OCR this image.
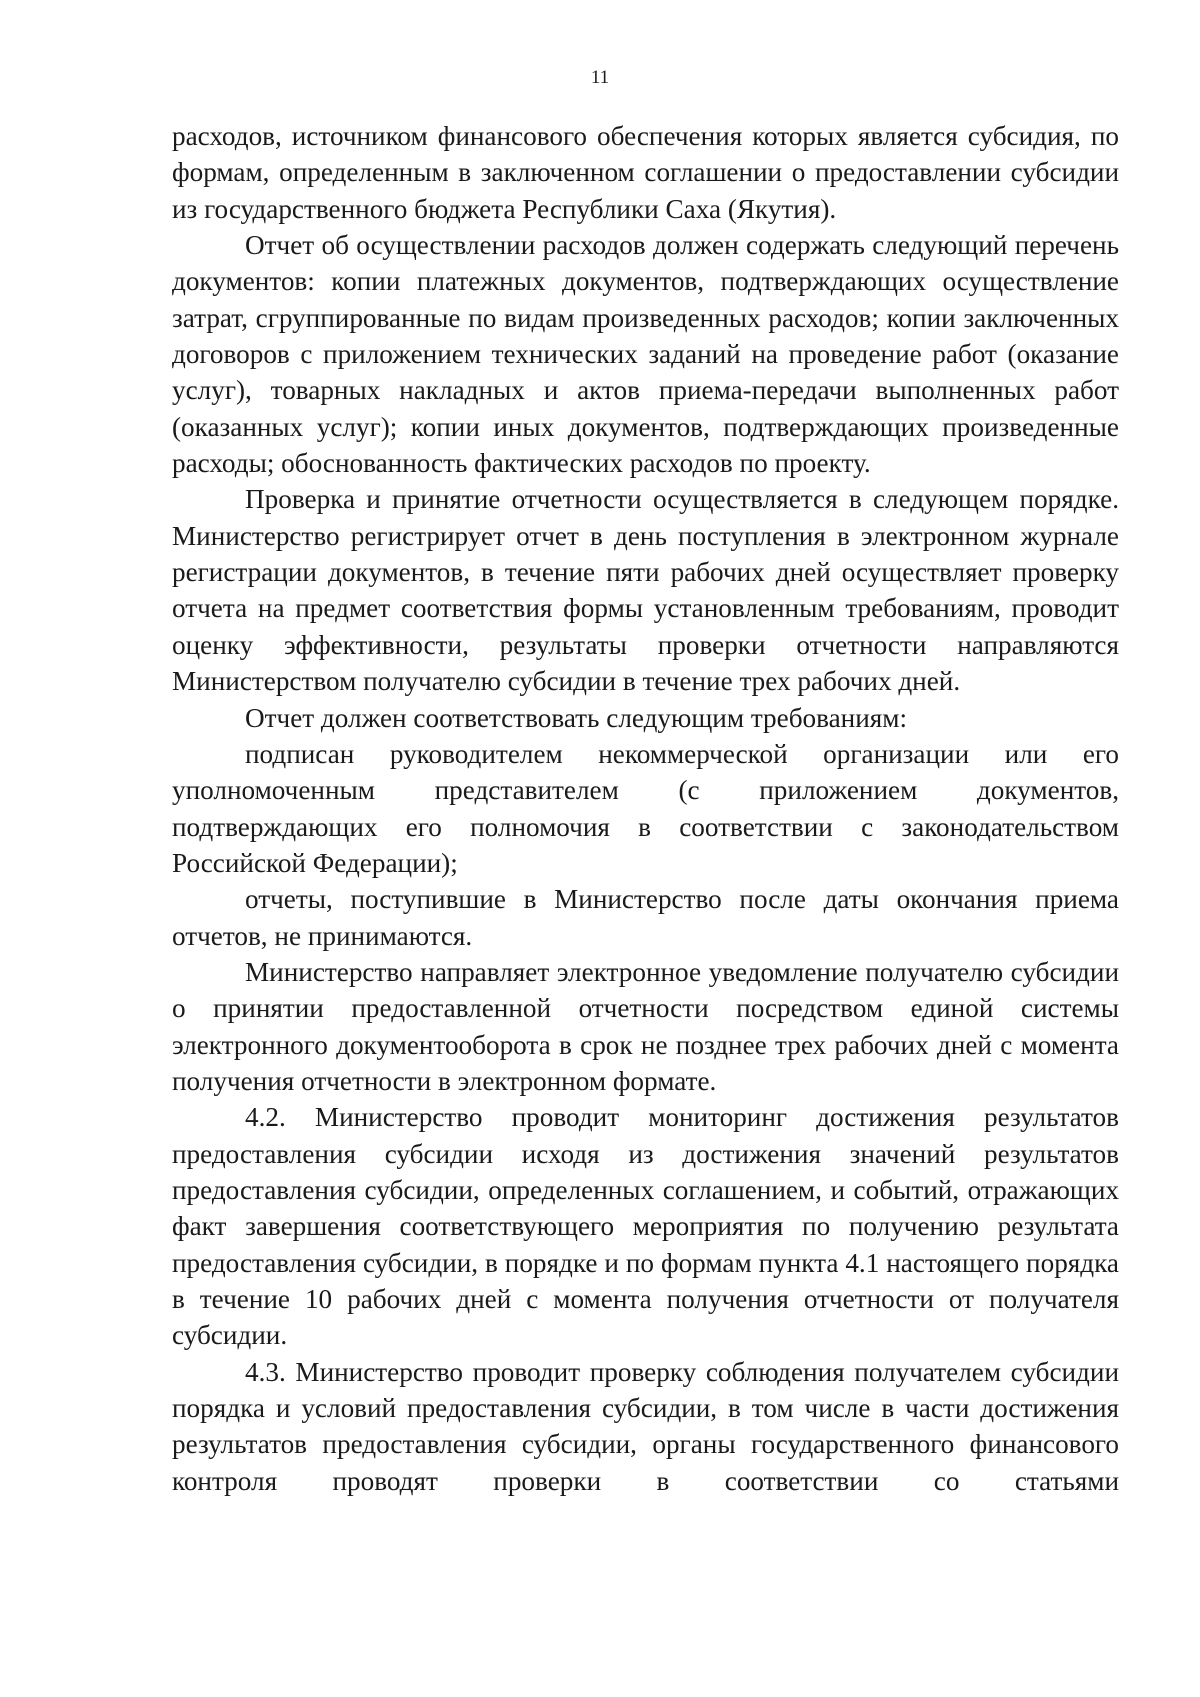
11

расходов, источником финансового обеспечения которых является субсидия, по формам, определенным в заключенном соглашении о предоставлении субсидии из государственного бюджета Республики Саха (Якутия).

Отчет об осуществлении расходов должен содержать следующий перечень документов: копии платежных документов, подтверждающих осуществление затрат, сгруппированные по видам произведенных расходов; копии заключенных договоров с приложением технических заданий на проведение работ (оказание услуг), товарных накладных и актов приема-передачи выполненных работ (оказанных услуг); копии иных документов, подтверждающих произведенные расходы; обоснованность фактических расходов по проекту.

Проверка и принятие отчетности осуществляется в следующем порядке. Министерство регистрирует отчет в день поступления в электронном журнале регистрации документов, в течение пяти рабочих дней осуществляет проверку отчета на предмет соответствия формы установленным требованиям, проводит оценку эффективности, результаты проверки отчетности направляются Министерством получателю субсидии в течение трех рабочих дней.

Отчет должен соответствовать следующим требованиям:

подписан руководителем некоммерческой организации или его уполномоченным представителем (с приложением документов, подтверждающих его полномочия в соответствии с законодательством Российской Федерации);

отчеты, поступившие в Министерство после даты окончания приема отчетов, не принимаются.

Министерство направляет электронное уведомление получателю субсидии о принятии предоставленной отчетности посредством единой системы электронного документооборота в срок не позднее трех рабочих дней с момента получения отчетности в электронном формате.

4.2. Министерство проводит мониторинг достижения результатов предоставления субсидии исходя из достижения значений результатов предоставления субсидии, определенных соглашением, и событий, отражающих факт завершения соответствующего мероприятия по получению результата предоставления субсидии, в порядке и по формам пункта 4.1 настоящего порядка в течение 10 рабочих дней с момента получения отчетности от получателя субсидии.

4.3. Министерство проводит проверку соблюдения получателем субсидии порядка и условий предоставления субсидии, в том числе в части достижения результатов предоставления субсидии, органы государственного финансового контроля проводят проверки в соответствии со статьями
